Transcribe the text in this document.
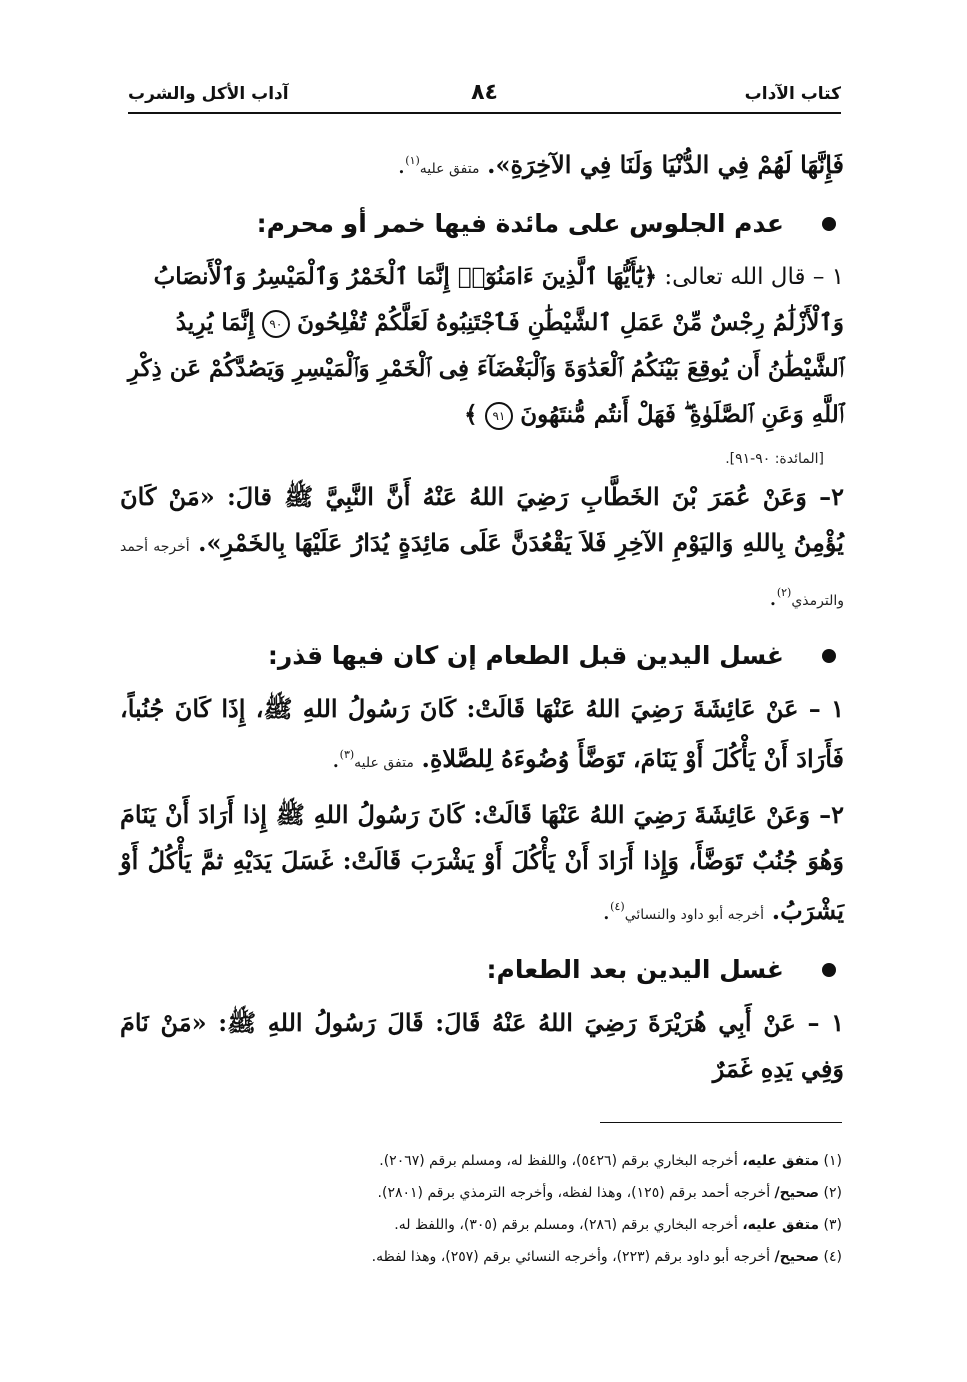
كتاب الآداب
٨٤
آداب الأكل والشرب
فَإِنَّهَا لَهُمْ فِي الدُّنْيَا وَلَنَا فِي الآخِرَةِ». متفق عليه$^{(١)}$.
عدم الجلوس على مائدة فيها خمر أو محرم:
١ – قال الله تعالى: ﴿يَٰٓأَيُّهَا ٱلَّذِينَ ءَامَنُوٓا۟ إِنَّمَا ٱلْخَمْرُ وَٱلْمَيْسِرُ وَٱلْأَنصَابُ وَٱلْأَزْلَٰمُ رِجْسٌ مِّنْ عَمَلِ ٱلشَّيْطَٰنِ فَٱجْتَنِبُوهُ لَعَلَّكُمْ تُفْلِحُونَ ٩٠ إِنَّمَا يُرِيدُ ٱلشَّيْطَٰنُ أَن يُوقِعَ بَيْنَكُمُ ٱلْعَدَٰوَةَ وَٱلْبَغْضَآءَ فِى ٱلْخَمْرِ وَٱلْمَيْسِرِ وَيَصُدَّكُمْ عَن ذِكْرِ ٱللَّهِ وَعَنِ ٱلصَّلَوٰةِ ۖ فَهَلْ أَنتُم مُّنتَهُونَ ٩١ ﴾
[المائدة: ٩٠-٩١].
٢– وَعَنْ عُمَرَ بْنَ الخَطَّابِ رَضِيَ اللهُ عَنْهُ أَنَّ النَّبِيَّ ﷺ قالَ: «مَنْ كَانَ يُؤْمِنُ بِاللهِ وَاليَوْمِ الآخِرِ فَلاَ يَقْعُدَنَّ عَلَى مَائِدَةٍ يُدَارُ عَلَيْهَا بِالخَمْرِ». أخرجه أحمد والترمذي$^{(٢)}$.
غسل اليدين قبل الطعام إن كان فيها قذر:
١ – عَنْ عَائِشَةَ رَضِيَ اللهُ عَنْهَا قَالَتْ: كَانَ رَسُولُ اللهِ ﷺ، إِذَا كَانَ جُنُباً، فَأَرَادَ أَنْ يَأْكُلَ أَوْ يَنَامَ، تَوَضَّأَ وُضُوءَهُ لِلصَّلاةِ. متفق عليه$^{(٣)}$.
٢– وَعَنْ عَائِشَةَ رَضِيَ اللهُ عَنْهَا قَالَتْ: كَانَ رَسُولُ اللهِ ﷺ إِذا أَرَادَ أَنْ يَنَامَ وَهُوَ جُنُبٌ تَوَضَّأَ، وَإِذا أَرَادَ أَنْ يَأْكُلَ أَوْ يَشْرَبَ قَالَتْ: غَسَلَ يَدَيْهِ ثمَّ يَأْكُلُ أَوْ يَشْرَبُ. أخرجه أبو داود والنسائي$^{(٤)}$.
غسل اليدين بعد الطعام:
١ – عَنْ أَبِي هُرَيْرَةَ رَضِيَ اللهُ عَنْهُ قَالَ: قَالَ رَسُولُ اللهِ ﷺ: «مَنْ نَامَ وَفِي يَدِهِ غَمَرٌ
(١) متفق عليه، أخرجه البخاري برقم (٥٤٢٦)، واللفظ له، ومسلم برقم (٢٠٦٧).
(٢) صحيح/ أخرجه أحمد برقم (١٢٥)، وهذا لفظه، وأخرجه الترمذي برقم (٢٨٠١).
(٣) متفق عليه، أخرجه البخاري برقم (٢٨٦)، ومسلم برقم (٣٠٥)، واللفظ له.
(٤) صحيح/ أخرجه أبو داود برقم (٢٢٣)، وأخرجه النسائي برقم (٢٥٧)، وهذا لفظه.
